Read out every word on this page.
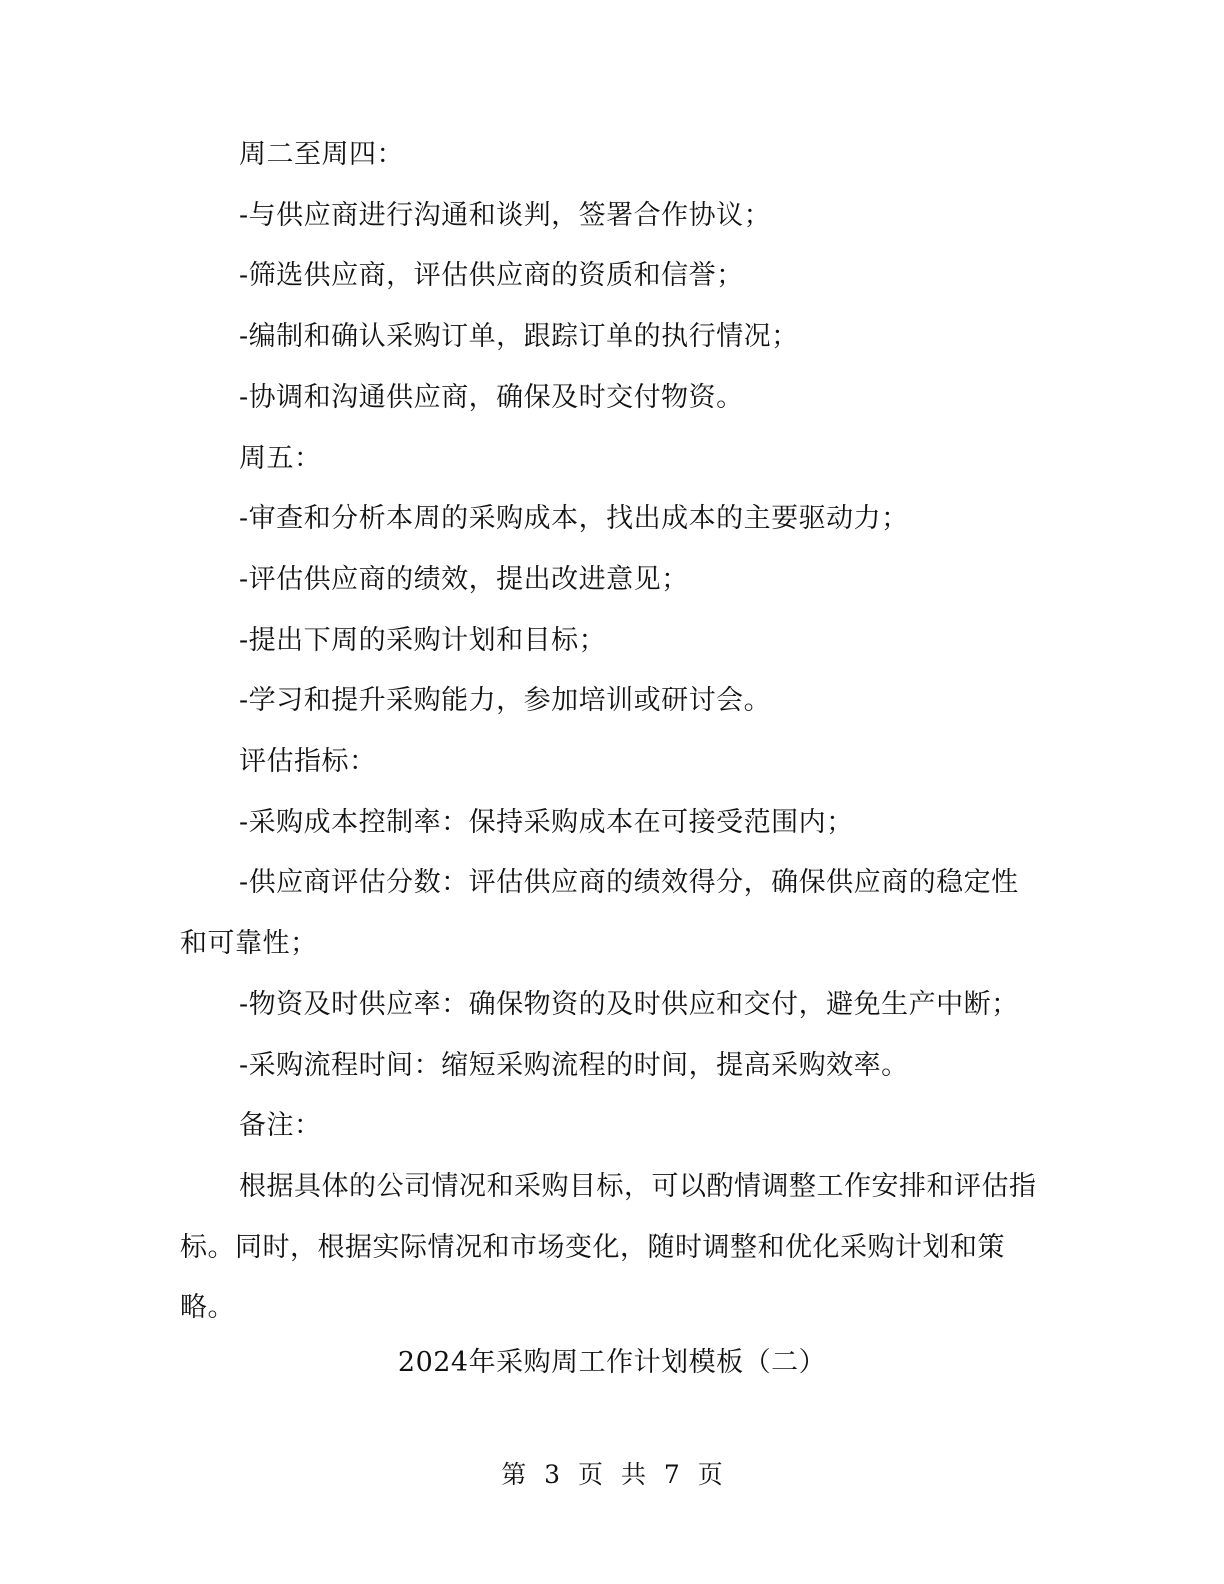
周二至周四：

-与供应商进行沟通和谈判，签署合作协议；

-筛选供应商，评估供应商的资质和信誉；

-编制和确认采购订单，跟踪订单的执行情况；

-协调和沟通供应商，确保及时交付物资。

周五：

-审查和分析本周的采购成本，找出成本的主要驱动力；

-评估供应商的绩效，提出改进意见；

-提出下周的采购计划和目标；

-学习和提升采购能力，参加培训或研讨会。

评估指标：

-采购成本控制率：保持采购成本在可接受范围内；

-供应商评估分数：评估供应商的绩效得分，确保供应商的稳定性和可靠性；

-物资及时供应率：确保物资的及时供应和交付，避免生产中断；

-采购流程时间：缩短采购流程的时间，提高采购效率。

备注：

根据具体的公司情况和采购目标，可以酌情调整工作安排和评估指标。同时，根据实际情况和市场变化，随时调整和优化采购计划和策略。

2024年采购周工作计划模板（二）
第 3 页 共 7 页
